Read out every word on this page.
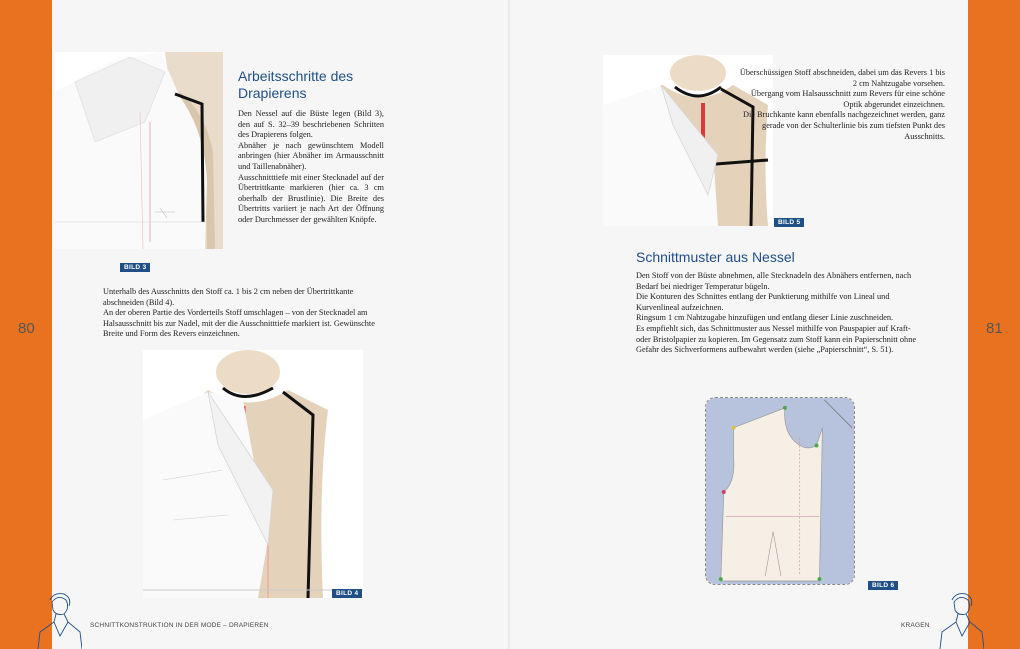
80	81
BILD 3
Arbeitsschritte des
Drapierens

Den Nessel auf die Büste legen (Bild 3), den auf S. 32–39 beschriebenen Schritten des Drapierens folgen.

Abnäher je nach gewünschtem Modell anbringen (hier Abnäher im Armausschnitt und Taillenabnäher).

Ausschnitttiefe mit einer Stecknadel auf der Übertrittkante markieren (hier ca. 3 cm oberhalb der Brustlinie). Die Breite des Übertritts variiert je nach Art der Öffnung oder Durchmesser der gewählten Knöpfe.

Unterhalb des Ausschnitts den Stoff ca. 1 bis 2 cm neben der Übertrittkante abschneiden (Bild 4).

An der oberen Partie des Vorderteils Stoff umschlagen – von der Stecknadel am Halsausschnitt bis zur Nadel, mit der die Ausschnitttiefe markiert ist. Gewünschte Breite und Form des Revers einzeichnen.

BILD 4
SCHNITTKONSTRUKTION IN DER MODE – DRAPIEREN
BILD 5

Überschüssigen Stoff abschneiden, dabei um das Revers 1 bis 2 cm Nahtzugabe vorsehen.

Übergang vom Halsausschnitt zum Revers für eine schöne Optik abgerundet einzeichnen.

Die Bruchkante kann ebenfalls nachgezeichnet werden, ganz gerade von der Schulterlinie bis zum tiefsten Punkt des Ausschnitts.

Schnittmuster aus Nessel

Den Stoff von der Büste abnehmen, alle Stecknadeln des Abnähers entfernen, nach Bedarf bei niedriger Temperatur bügeln.

Die Konturen des Schnittes entlang der Punktierung mithilfe von Lineal und Kurvenlineal aufzeichnen.

Ringsum 1 cm Nahtzugabe hinzufügen und entlang dieser Linie zuschneiden.

Es empfiehlt sich, das Schnittmuster aus Nessel mithilfe von Pauspapier auf Kraft- oder Bristolpapier zu kopieren. Im Gegensatz zum Stoff kann ein Papierschnitt ohne Gefahr des Sichverformens aufbewahrt werden (siehe „Papierschnitt“, S. 51).

BILD 6
KRAGEN
